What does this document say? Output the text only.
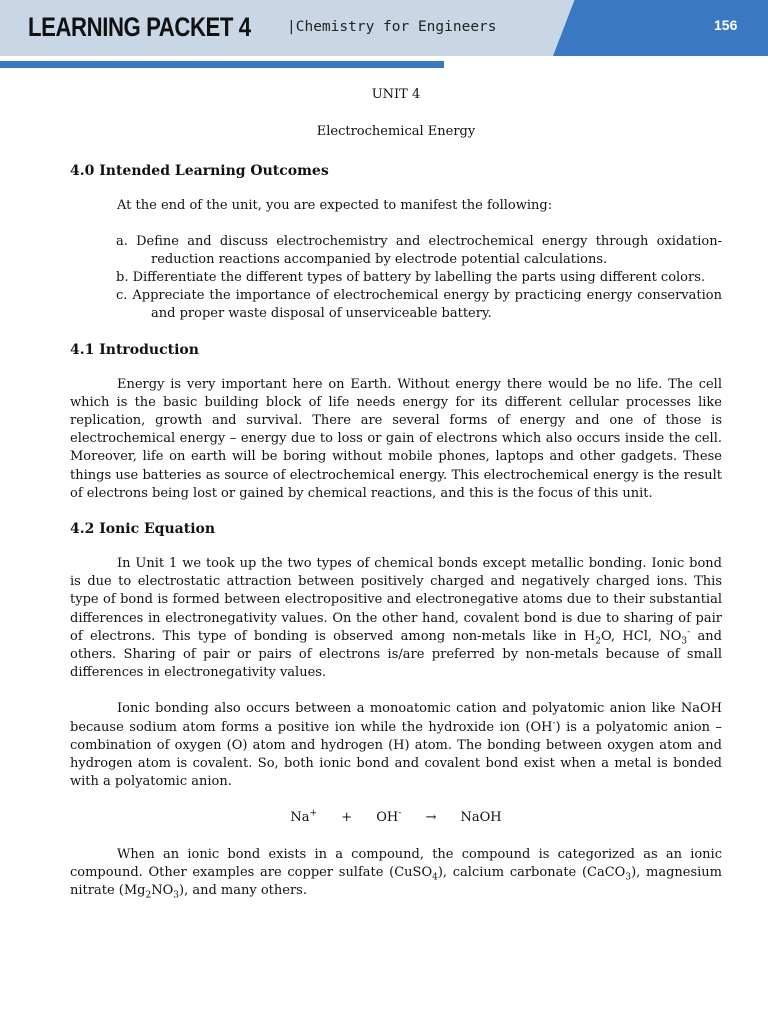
LEARNING PACKET 4	|Chemistry for Engineers	156
UNIT 4
Electrochemical Energy
4.0 Intended Learning Outcomes

At the end of the unit, you are expected to manifest the following:

a. Define and discuss electrochemistry and electrochemical energy through oxidation-reduction reactions accompanied by electrode potential calculations.
b. Differentiate the different types of battery by labelling the parts using different colors.
c. Appreciate the importance of electrochemical energy by practicing energy conservation and proper waste disposal of unserviceable battery.
4.1 Introduction

Energy is very important here on Earth. Without energy there would be no life. The cell which is the basic building block of life needs energy for its different cellular processes like replication, growth and survival. There are several forms of energy and one of those is electrochemical energy – energy due to loss or gain of electrons which also occurs inside the cell. Moreover, life on earth will be boring without mobile phones, laptops and other gadgets. These things use batteries as source of electrochemical energy. This electrochemical energy is the result of electrons being lost or gained by chemical reactions, and this is the focus of this unit.

4.2 Ionic Equation

In Unit 1 we took up the two types of chemical bonds except metallic bonding. Ionic bond is due to electrostatic attraction between positively charged and negatively charged ions. This type of bond is formed between electropositive and electronegative atoms due to their substantial differences in electronegativity values. On the other hand, covalent bond is due to sharing of pair of electrons. This type of bonding is observed among non-metals like in $H_2O$, HCl, $NO_3^-$ and others. Sharing of pair or pairs of electrons is/are preferred by non-metals because of small differences in electronegativity values.

Ionic bonding also occurs between a monoatomic cation and polyatomic anion like NaOH because sodium atom forms a positive ion while the hydroxide ion (OH-) is a polyatomic anion – combination of oxygen (O) atom and hydrogen (H) atom. The bonding between oxygen atom and hydrogen atom is covalent. So, both ionic bond and covalent bond exist when a metal is bonded with a polyatomic anion.

Na+ + OH- → NaOH

When an ionic bond exists in a compound, the compound is categorized as an ionic compound. Other examples are copper sulfate (CuSO$_4$), calcium carbonate (CaCO$_3$), magnesium nitrate $(Mg_2NO_3)$, and many others.
